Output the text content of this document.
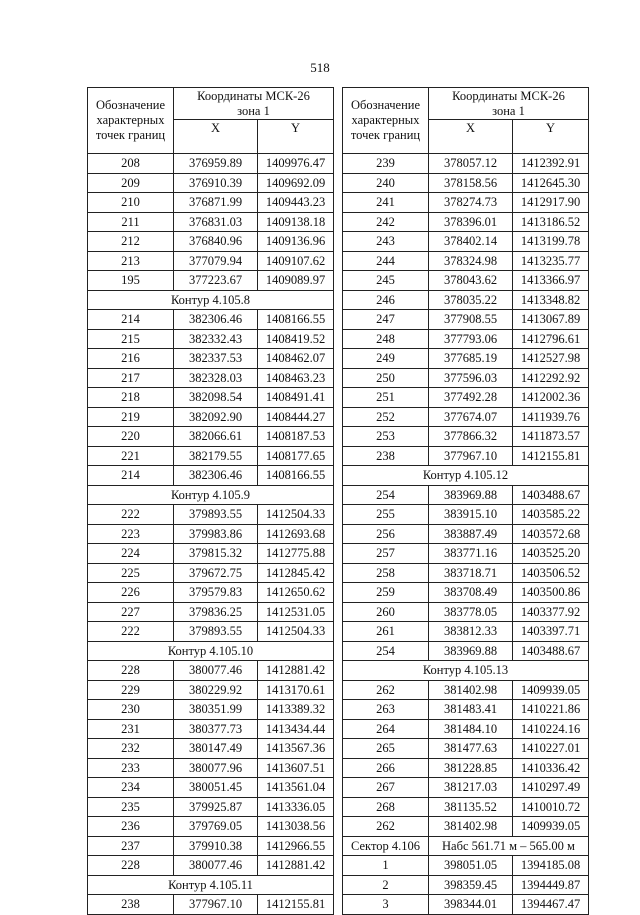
518
Обозначение характерных точек границ	Координаты МСК-26 зона 1	

	X	Y
208	376959.89	1409976.47
209	376910.39	1409692.09
210	376871.99	1409443.23
211	376831.03	1409138.18
212	376840.96	1409136.96
213	377079.94	1409107.62
195	377223.67	1409089.97
Контур 4.105.8		
214	382306.46	1408166.55
215	382332.43	1408419.52
216	382337.53	1408462.07
217	382328.03	1408463.23
218	382098.54	1408491.41
219	382092.90	1408444.27
220	382066.61	1408187.53
221	382179.55	1408177.65
214	382306.46	1408166.55
Контур 4.105.9		
222	379893.55	1412504.33
223	379983.86	1412693.68
224	379815.32	1412775.88
225	379672.75	1412845.42
226	379579.83	1412650.62
227	379836.25	1412531.05
222	379893.55	1412504.33
Контур 4.105.10		
228	380077.46	1412881.42
229	380229.92	1413170.61
230	380351.99	1413389.32
231	380377.73	1413434.44
232	380147.49	1413567.36
233	380077.96	1413607.51
234	380051.45	1413561.04
235	379925.87	1413336.05
236	379769.05	1413038.56
237	379910.38	1412966.55
228	380077.46	1412881.42
Контур 4.105.11		
238	377967.10	1412155.81
Обозначение характерных точек границ	Координаты МСК-26 зона 1	

	X	Y
239	378057.12	1412392.91
240	378158.56	1412645.30
241	378274.73	1412917.90
242	378396.01	1413186.52
243	378402.14	1413199.78
244	378324.98	1413235.77
245	378043.62	1413366.97
246	378035.22	1413348.82
247	377908.55	1413067.89
248	377793.06	1412796.61
249	377685.19	1412527.98
250	377596.03	1412292.92
251	377492.28	1412002.36
252	377674.07	1411939.76
253	377866.32	1411873.57
238	377967.10	1412155.81
Контур 4.105.12		
254	383969.88	1403488.67
255	383915.10	1403585.22
256	383887.49	1403572.68
257	383771.16	1403525.20
258	383718.71	1403506.52
259	383708.49	1403500.86
260	383778.05	1403377.92
261	383812.33	1403397.71
254	383969.88	1403488.67
Контур 4.105.13		
262	381402.98	1409939.05
263	381483.41	1410221.86
264	381484.10	1410224.16
265	381477.63	1410227.01
266	381228.85	1410336.42
267	381217.03	1410297.49
268	381135.52	1410010.72
262	381402.98	1409939.05
Сектор 4.106	Набс 561.71 м – 565.00 м	
1	398051.05	1394185.08
2	398359.45	1394449.87
3	398344.01	1394467.47
